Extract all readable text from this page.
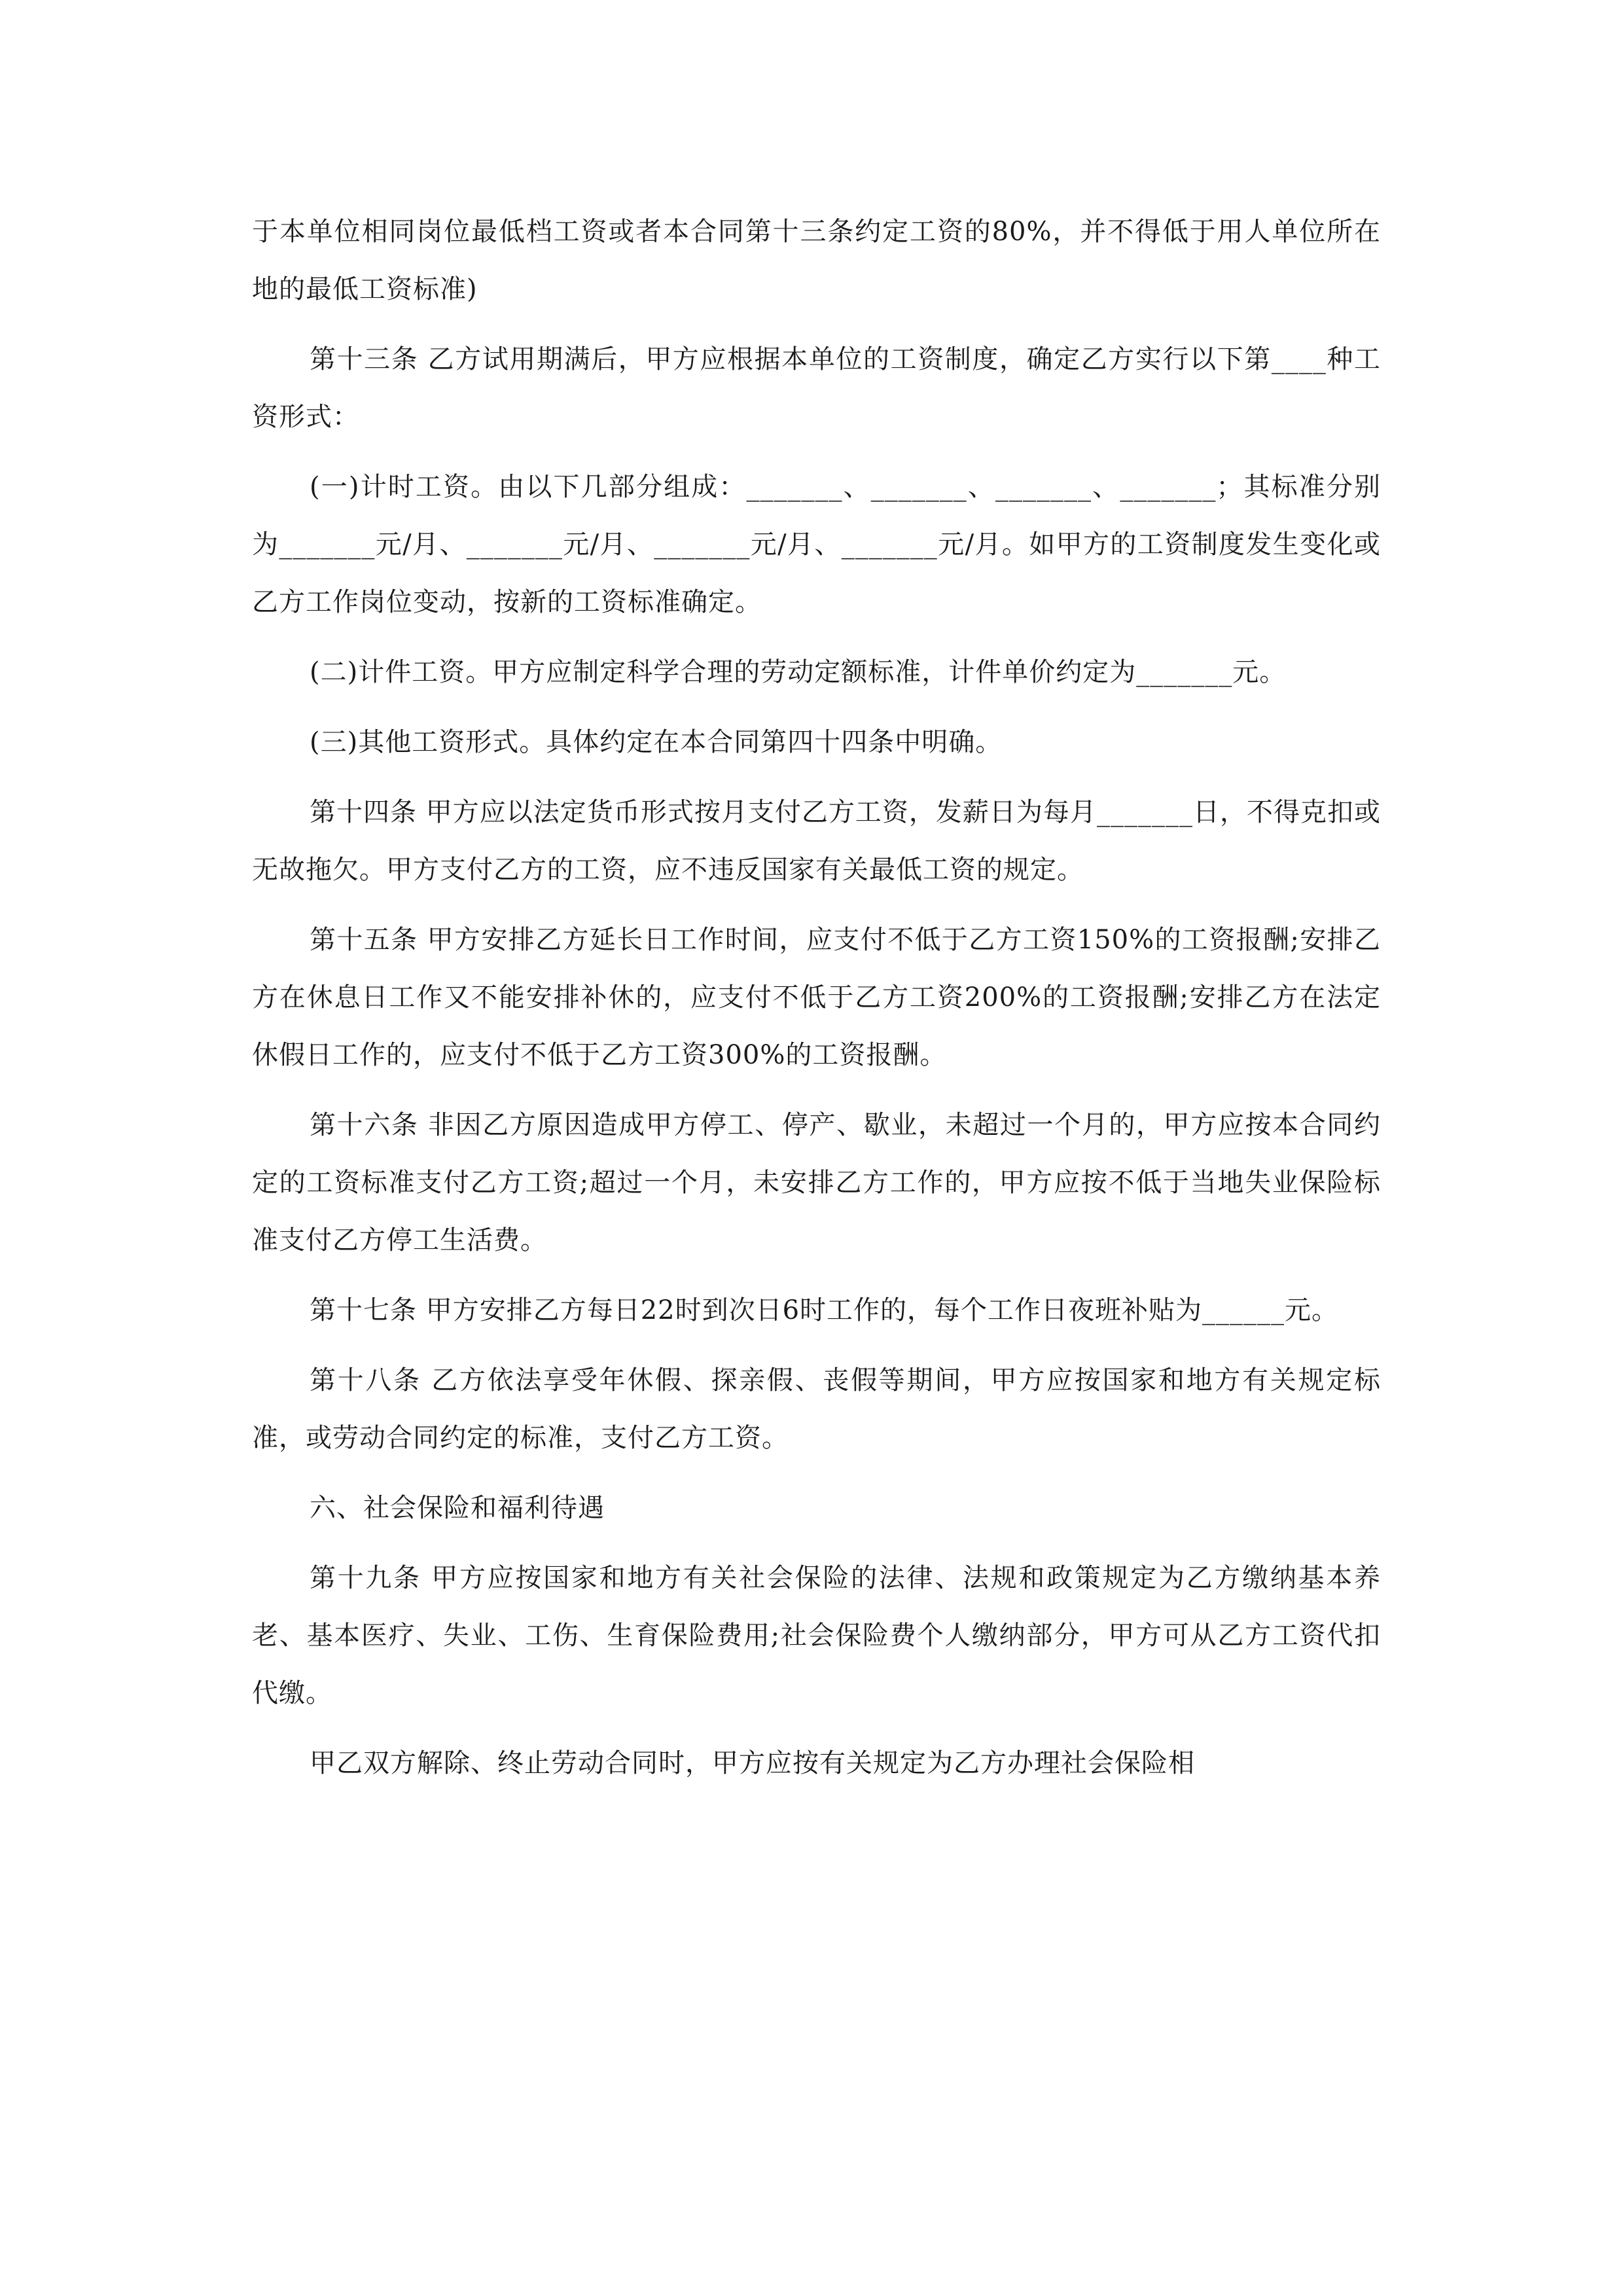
于本单位相同岗位最低档工资或者本合同第十三条约定工资的80%，并不得低于用人单位所在地的最低工资标准)

第十三条 乙方试用期满后，甲方应根据本单位的工资制度，确定乙方实行以下第____种工资形式：

(一)计时工资。由以下几部分组成：_______、_______、_______、_______；其标准分别为_______元/月、_______元/月、_______元/月、_______元/月。如甲方的工资制度发生变化或乙方工作岗位变动，按新的工资标准确定。

(二)计件工资。甲方应制定科学合理的劳动定额标准，计件单价约定为_______元。

(三)其他工资形式。具体约定在本合同第四十四条中明确。

第十四条 甲方应以法定货币形式按月支付乙方工资，发薪日为每月_______日，不得克扣或无故拖欠。甲方支付乙方的工资，应不违反国家有关最低工资的规定。

第十五条 甲方安排乙方延长日工作时间，应支付不低于乙方工资150%的工资报酬;安排乙方在休息日工作又不能安排补休的，应支付不低于乙方工资200%的工资报酬;安排乙方在法定休假日工作的，应支付不低于乙方工资300%的工资报酬。

第十六条 非因乙方原因造成甲方停工、停产、歇业，未超过一个月的，甲方应按本合同约定的工资标准支付乙方工资;超过一个月，未安排乙方工作的，甲方应按不低于当地失业保险标准支付乙方停工生活费。

第十七条 甲方安排乙方每日22时到次日6时工作的，每个工作日夜班补贴为______元。

第十八条 乙方依法享受年休假、探亲假、丧假等期间，甲方应按国家和地方有关规定标准，或劳动合同约定的标准，支付乙方工资。

六、社会保险和福利待遇

第十九条 甲方应按国家和地方有关社会保险的法律、法规和政策规定为乙方缴纳基本养老、基本医疗、失业、工伤、生育保险费用;社会保险费个人缴纳部分，甲方可从乙方工资代扣代缴。

甲乙双方解除、终止劳动合同时，甲方应按有关规定为乙方办理社会保险相
